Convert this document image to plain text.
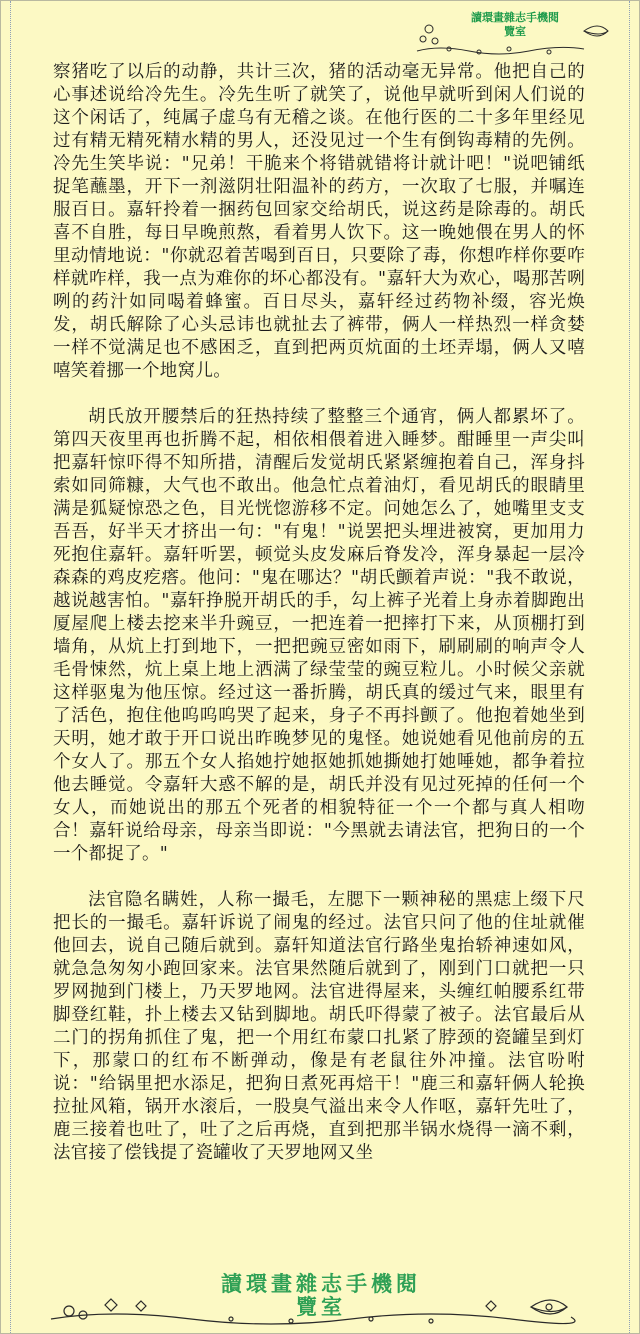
讀環畫雜志手機閱
覽室

察猪吃了以后的动静，共计三次，猪的活动毫无异常。他把自己的心事述说给冷先生。冷先生听了就笑了，说他早就听到闲人们说的这个闲话了，纯属子虚乌有无稽之谈。在他行医的二十多年里经见过有精无精死精水精的男人，还没见过一个生有倒钩毒精的先例。冷先生笑毕说："兄弟！干脆来个将错就错将计就计吧！"说吧铺纸捉笔蘸墨，开下一剂滋阴壮阳温补的药方，一次取了七服，并嘱连服百日。嘉轩拎着一捆药包回家交给胡氏，说这药是除毒的。胡氏喜不自胜，每日早晚煎熬，看着男人饮下。这一晚她偎在男人的怀里动情地说："你就忍着苦喝到百日，只要除了毒，你想咋样你要咋样就咋样，我一点为难你的坏心都没有。"嘉轩大为欢心，喝那苦咧咧的药汁如同喝着蜂蜜。百日尽头，嘉轩经过药物补缀，容光焕发，胡氏解除了心头忌讳也就扯去了裤带，俩人一样热烈一样贪婪一样不觉满足也不感困乏，直到把两页炕面的土坯弄塌，俩人又嘻嘻笑着挪一个地窝儿。

胡氏放开腰禁后的狂热持续了整整三个通宵，俩人都累坏了。第四天夜里再也折腾不起，相依相偎着进入睡梦。酣睡里一声尖叫把嘉轩惊吓得不知所措，清醒后发觉胡氏紧紧缠抱着自己，浑身抖索如同筛糠，大气也不敢出。他急忙点着油灯，看见胡氏的眼睛里满是狐疑惊恐之色，目光恍惚游移不定。问她怎么了，她嘴里支支吾吾，好半天才挤出一句："有鬼！"说罢把头埋进被窝，更加用力死抱住嘉轩。嘉轩听罢，顿觉头皮发麻后脊发冷，浑身暴起一层冷森森的鸡皮疙瘩。他问："鬼在哪达？"胡氏颤着声说："我不敢说，越说越害怕。"嘉轩挣脱开胡氏的手，勾上裤子光着上身赤着脚跑出厦屋爬上楼去挖来半升豌豆，一把连着一把摔打下来，从顶棚打到墙角，从炕上打到地下，一把把豌豆密如雨下，刷刷刷的响声令人毛骨悚然，炕上桌上地上洒满了绿莹莹的豌豆粒儿。小时候父亲就这样驱鬼为他压惊。经过这一番折腾，胡氏真的缓过气来，眼里有了活色，抱住他呜呜呜哭了起来，身子不再抖颤了。他抱着她坐到天明，她才敢于开口说出昨晚梦见的鬼怪。她说她看见他前房的五个女人了。那五个女人掐她拧她抠她抓她撕她打她唾她，都争着拉他去睡觉。令嘉轩大惑不解的是，胡氏并没有见过死掉的任何一个女人，而她说出的那五个死者的相貌特征一个一个都与真人相吻合！嘉轩说给母亲，母亲当即说："今黑就去请法官，把狗日的一个一个都捉了。"

法官隐名瞒姓，人称一撮毛，左腮下一颗神秘的黑痣上缀下尺把长的一撮毛。嘉轩诉说了闹鬼的经过。法官只问了他的住址就催他回去，说自己随后就到。嘉轩知道法官行路坐鬼抬轿神速如风，就急急匆匆小跑回家来。法官果然随后就到了，刚到门口就把一只罗网抛到门楼上，乃天罗地网。法官进得屋来，头缠红帕腰系红带脚登红鞋，扑上楼去又钻到脚地。胡氏吓得蒙了被子。法官最后从二门的拐角抓住了鬼，把一个用红布蒙口扎紧了脖颈的瓷罐呈到灯下，那蒙口的红布不断弹动，像是有老鼠往外冲撞。法官吩咐说："给锅里把水添足，把狗日煮死再焙干！"鹿三和嘉轩俩人轮换拉扯风箱，锅开水滚后，一股臭气溢出来令人作呕，嘉轩先吐了，鹿三接着也吐了，吐了之后再烧，直到把那半锅水烧得一滴不剩，法官接了偿钱提了瓷罐收了天罗地网又坐

讀環畫雜志手機閱
覽室
